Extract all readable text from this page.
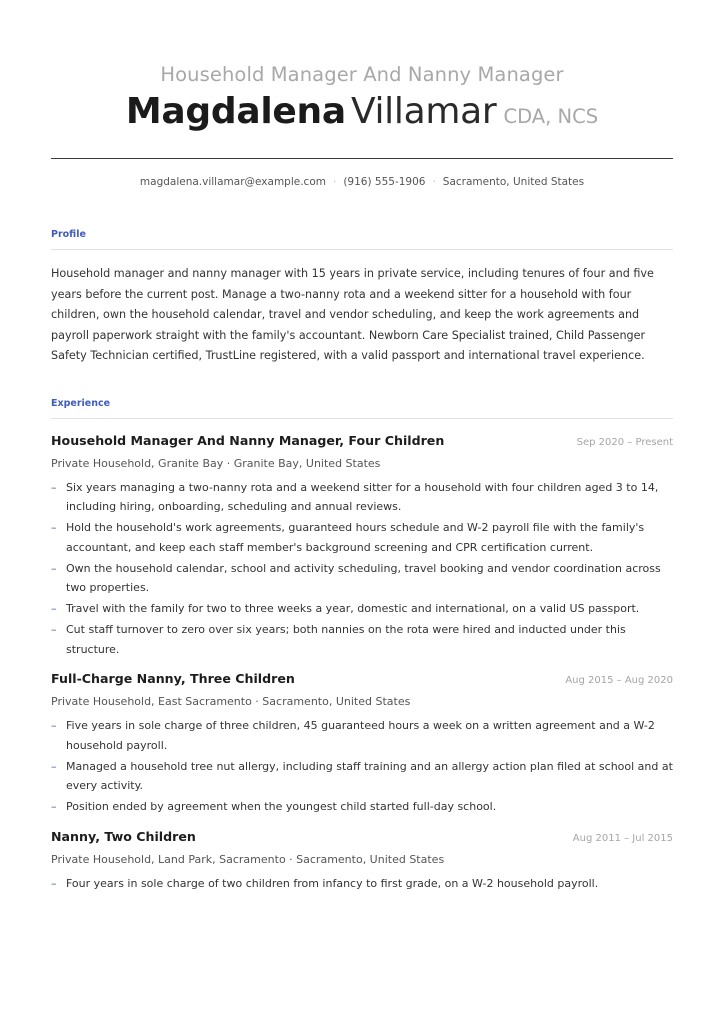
Household Manager And Nanny Manager
Magdalena Villamar CDA, NCS
magdalena.villamar@example.com · (916) 555-1906 · Sacramento, United States
Profile
Household manager and nanny manager with 15 years in private service, including tenures of four and five years before the current post. Manage a two-nanny rota and a weekend sitter for a household with four children, own the household calendar, travel and vendor scheduling, and keep the work agreements and payroll paperwork straight with the family's accountant. Newborn Care Specialist trained, Child Passenger Safety Technician certified, TrustLine registered, with a valid passport and international travel experience.
Experience
Household Manager And Nanny Manager, Four Children	Sep 2020 – Present
Private Household, Granite Bay · Granite Bay, United States
– Six years managing a two-nanny rota and a weekend sitter for a household with four children aged 3 to 14, including hiring, onboarding, scheduling and annual reviews.
– Hold the household's work agreements, guaranteed hours schedule and W-2 payroll file with the family's accountant, and keep each staff member's background screening and CPR certification current.
– Own the household calendar, school and activity scheduling, travel booking and vendor coordination across two properties.
– Travel with the family for two to three weeks a year, domestic and international, on a valid US passport.
– Cut staff turnover to zero over six years; both nannies on the rota were hired and inducted under this structure.
Full-Charge Nanny, Three Children	Aug 2015 – Aug 2020
Private Household, East Sacramento · Sacramento, United States
– Five years in sole charge of three children, 45 guaranteed hours a week on a written agreement and a W-2 household payroll.
– Managed a household tree nut allergy, including staff training and an allergy action plan filed at school and at every activity.
– Position ended by agreement when the youngest child started full-day school.
Nanny, Two Children	Aug 2011 – Jul 2015
Private Household, Land Park, Sacramento · Sacramento, United States
– Four years in sole charge of two children from infancy to first grade, on a W-2 household payroll.
